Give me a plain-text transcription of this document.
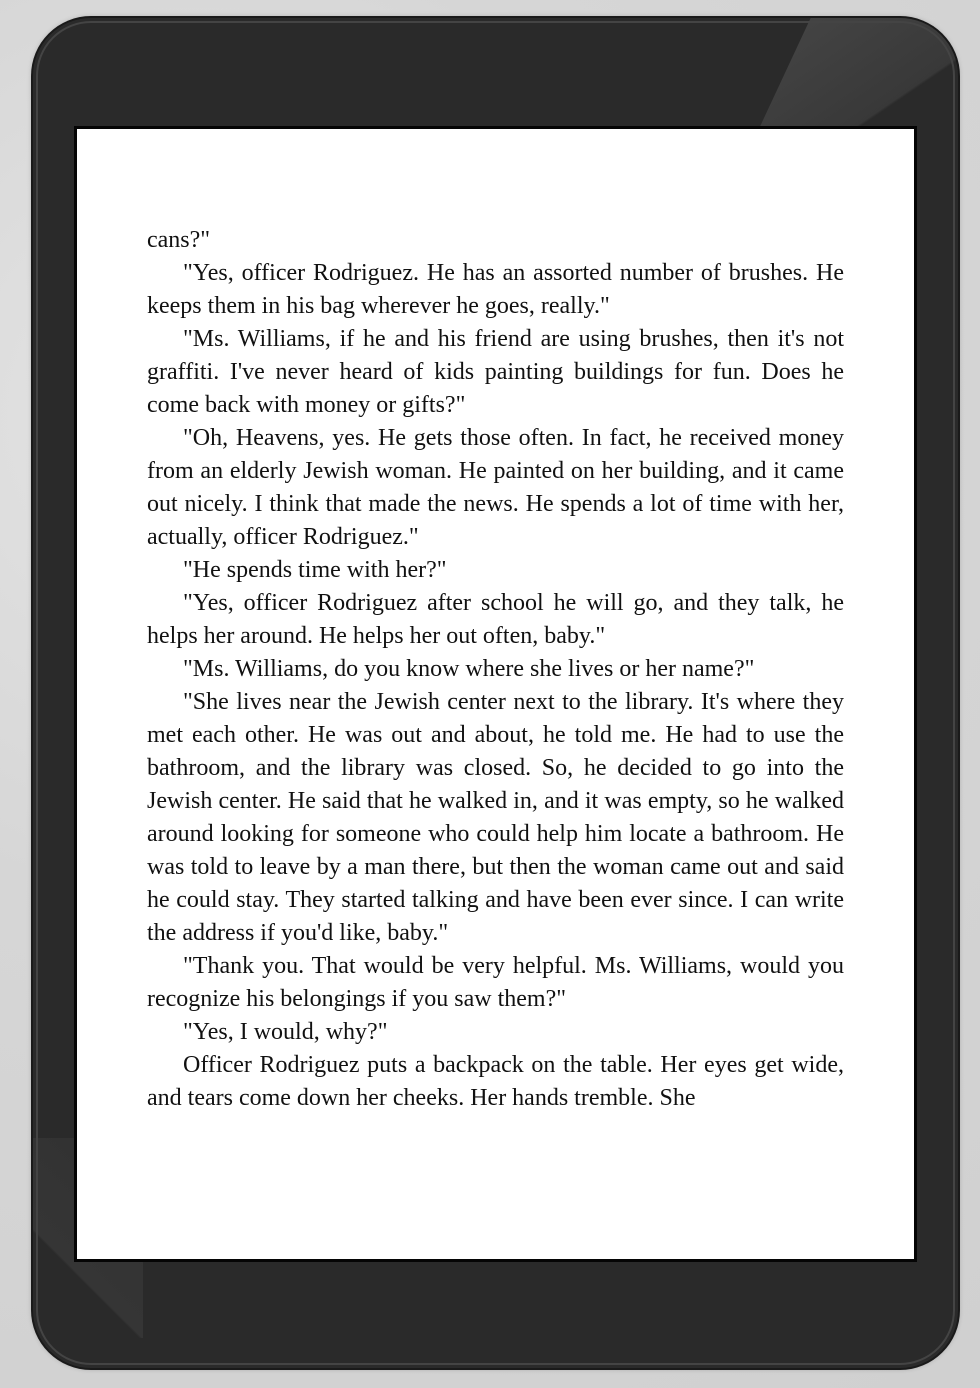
cans?"

"Yes, officer Rodriguez. He has an assorted number of brushes. He keeps them in his bag wherever he goes, really."

"Ms. Williams, if he and his friend are using brushes, then it's not graffiti. I've never heard of kids painting buildings for fun. Does he come back with money or gifts?"

"Oh, Heavens, yes. He gets those often. In fact, he received money from an elderly Jewish woman. He painted on her building, and it came out nicely. I think that made the news. He spends a lot of time with her, actually, officer Rodriguez."

"He spends time with her?"

"Yes, officer Rodriguez after school he will go, and they talk, he helps her around. He helps her out often, baby."

"Ms. Williams, do you know where she lives or her name?"

"She lives near the Jewish center next to the library. It's where they met each other. He was out and about, he told me. He had to use the bathroom, and the library was closed. So, he decided to go into the Jewish center. He said that he walked in, and it was empty, so he walked around looking for someone who could help him locate a bathroom. He was told to leave by a man there, but then the woman came out and said he could stay. They started talking and have been ever since. I can write the address if you'd like, baby."

"Thank you. That would be very helpful. Ms. Williams, would you recognize his belongings if you saw them?"

"Yes, I would, why?"

Officer Rodriguez puts a backpack on the table. Her eyes get wide, and tears come down her cheeks. Her hands tremble. She
